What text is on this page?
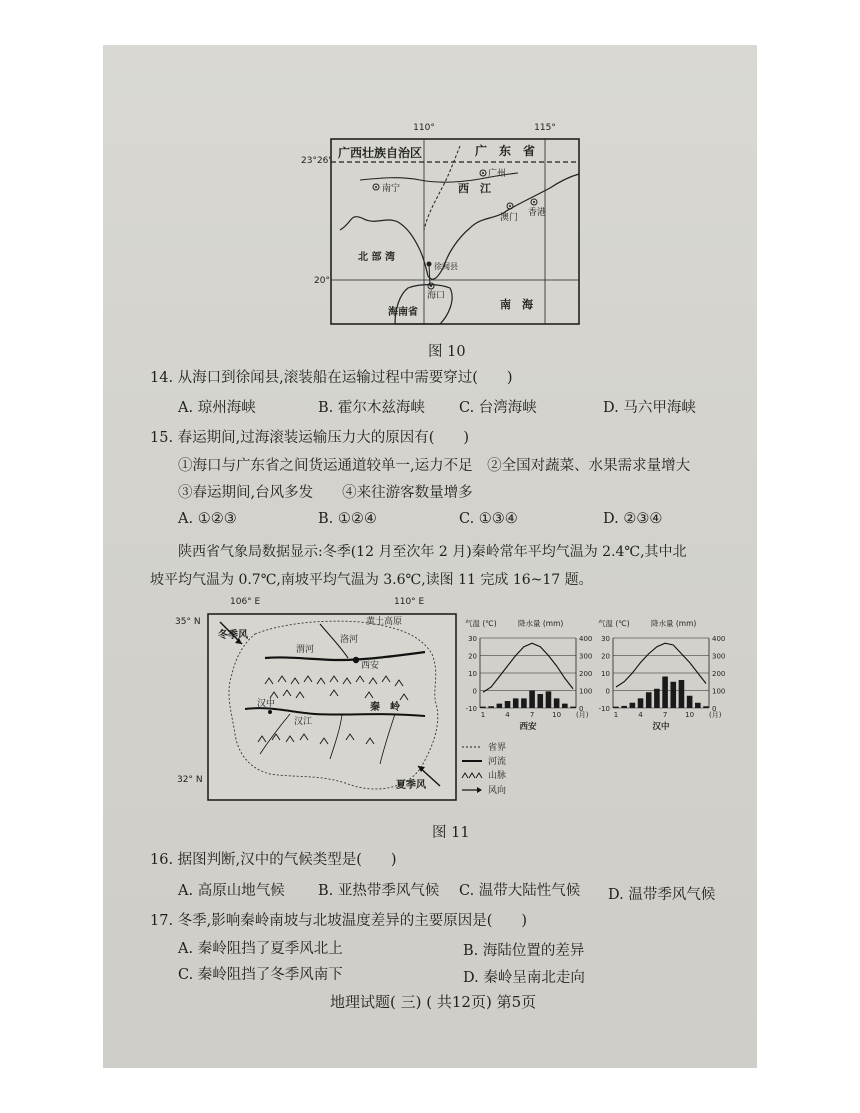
110°	115°
23°26'
20°
广西壮族自治区	广　东　省
南宁	西　江
广州
澳门 香港
北 部 湾
徐闻县
海口
海南省
南　海
图 10
14. 从海口到徐闻县,滚装船在运输过程中需要穿过(　　)
A. 琼州海峡	B. 霍尔木兹海峡 C. 台湾海峡	D. 马六甲海峡
15. 春运期间,过海滚装运输压力大的原因有(　　)
①海口与广东省之间货运通道较单一,运力不足　②全国对蔬菜、水果需求量增大
③春运期间,台风多发　　④来往游客数量增多
A. ①②③	B. ①②④	C. ①③④	D. ②③④
陕西省气象局数据显示:冬季(12 月至次年 2 月)秦岭常年平均气温为 2.4℃,其中北
坡平均气温为 0.7℃,南坡平均气温为 3.6℃,读图 11 完成 16~17 题。
106° E	110° E
35° N
32° N
冬季风
夏季风
黄土高原
渭河
洛河
西安
汉中
汉江
秦　岭
省界
河流
山脉
风向
气温 (℃)	降水量 (mm)
30	400
20	300
10	200
0	100
-10	0
1	4	7	10 (月)
西安
气温 (℃)	降水量 (mm)
30	400
20	300
10	200
0	100
-10	0
1	4	7	10 (月)
汉中
图 11
16. 据图判断,汉中的气候类型是(　　)
A. 高原山地气候 B. 亚热带季风气候 C. 温带大陆性气候 D. 温带季风气候
17. 冬季,影响秦岭南坡与北坡温度差异的主要原因是(　　)
A. 秦岭阻挡了夏季风北上	B. 海陆位置的差异
C. 秦岭阻挡了冬季风南下	D. 秦岭呈南北走向
地理试题( 三) ( 共12页) 第5页
